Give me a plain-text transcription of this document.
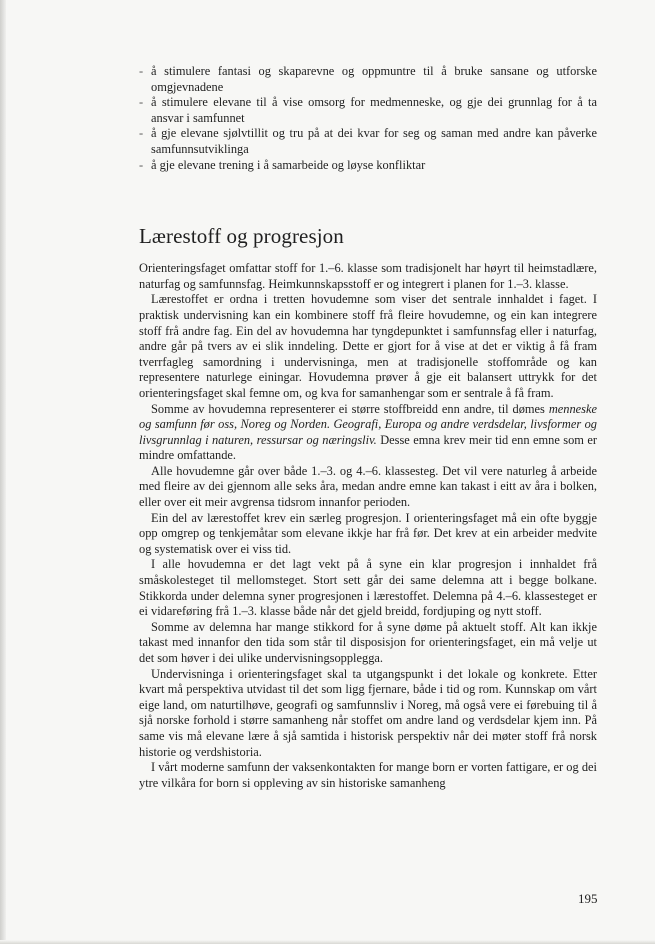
- å stimulere fantasi og skaparevne og oppmuntre til å bruke sansane og utforske omgjevnadene
- å stimulere elevane til å vise omsorg for medmenneske, og gje dei grunnlag for å ta ansvar i samfunnet
- å gje elevane sjølvtillit og tru på at dei kvar for seg og saman med andre kan påverke samfunnsutviklinga
- å gje elevane trening i å samarbeide og løyse konfliktar
Lærestoff og progresjon

Orienteringsfaget omfattar stoff for 1.–6. klasse som tradisjonelt har høyrt til heimstadlære, naturfag og samfunnsfag. Heimkunnskapsstoff er og integrert i planen for 1.–3. klasse.

Lærestoffet er ordna i tretten hovudemne som viser det sentrale innhaldet i faget. I praktisk undervisning kan ein kombinere stoff frå fleire hovudemne, og ein kan integrere stoff frå andre fag. Ein del av hovudemna har tyngdepunktet i samfunnsfag eller i naturfag, andre går på tvers av ei slik inndeling. Dette er gjort for å vise at det er viktig å få fram tverrfagleg samordning i undervisninga, men at tradisjonelle stoffområde og kan representere naturlege einingar. Hovudemna prøver å gje eit balansert uttrykk for det orienteringsfaget skal femne om, og kva for samanhengar som er sentrale å få fram.

Somme av hovudemna representerer ei større stoffbreidd enn andre, til dømes menneske og samfunn før oss, Noreg og Norden. Geografi, Europa og andre verdsdelar, livsformer og livsgrunnlag i naturen, ressursar og næringsliv. Desse emna krev meir tid enn emne som er mindre omfattande.

Alle hovudemne går over både 1.–3. og 4.–6. klassesteg. Det vil vere naturleg å arbeide med fleire av dei gjennom alle seks åra, medan andre emne kan takast i eitt av åra i bolken, eller over eit meir avgrensa tidsrom innanfor perioden.

Ein del av lærestoffet krev ein særleg progresjon. I orienteringsfaget må ein ofte byggje opp omgrep og tenkjemåtar som elevane ikkje har frå før. Det krev at ein arbeider medvite og systematisk over ei viss tid.

I alle hovudemna er det lagt vekt på å syne ein klar progresjon i innhaldet frå småskolesteget til mellomsteget. Stort sett går dei same delemna att i begge bolkane. Stikkorda under delemna syner progresjonen i lærestoffet. Delemna på 4.–6. klassesteget er ei vidareføring frå 1.–3. klasse både når det gjeld breidd, fordjuping og nytt stoff.

Somme av delemna har mange stikkord for å syne døme på aktuelt stoff. Alt kan ikkje takast med innanfor den tida som står til disposisjon for orienteringsfaget, ein må velje ut det som høver i dei ulike undervisningsopplegga.

Undervisninga i orienteringsfaget skal ta utgangspunkt i det lokale og konkrete. Etter kvart må perspektiva utvidast til det som ligg fjernare, både i tid og rom. Kunnskap om vårt eige land, om naturtilhøve, geografi og samfunnsliv i Noreg, må også vere ei førebuing til å sjå norske forhold i større samanheng når stoffet om andre land og verdsdelar kjem inn. På same vis må elevane lære å sjå samtida i historisk perspektiv når dei møter stoff frå norsk historie og verdshistoria.

I vårt moderne samfunn der vaksenkontakten for mange born er vorten fattigare, er og dei ytre vilkåra for born si oppleving av sin historiske samanheng

195
